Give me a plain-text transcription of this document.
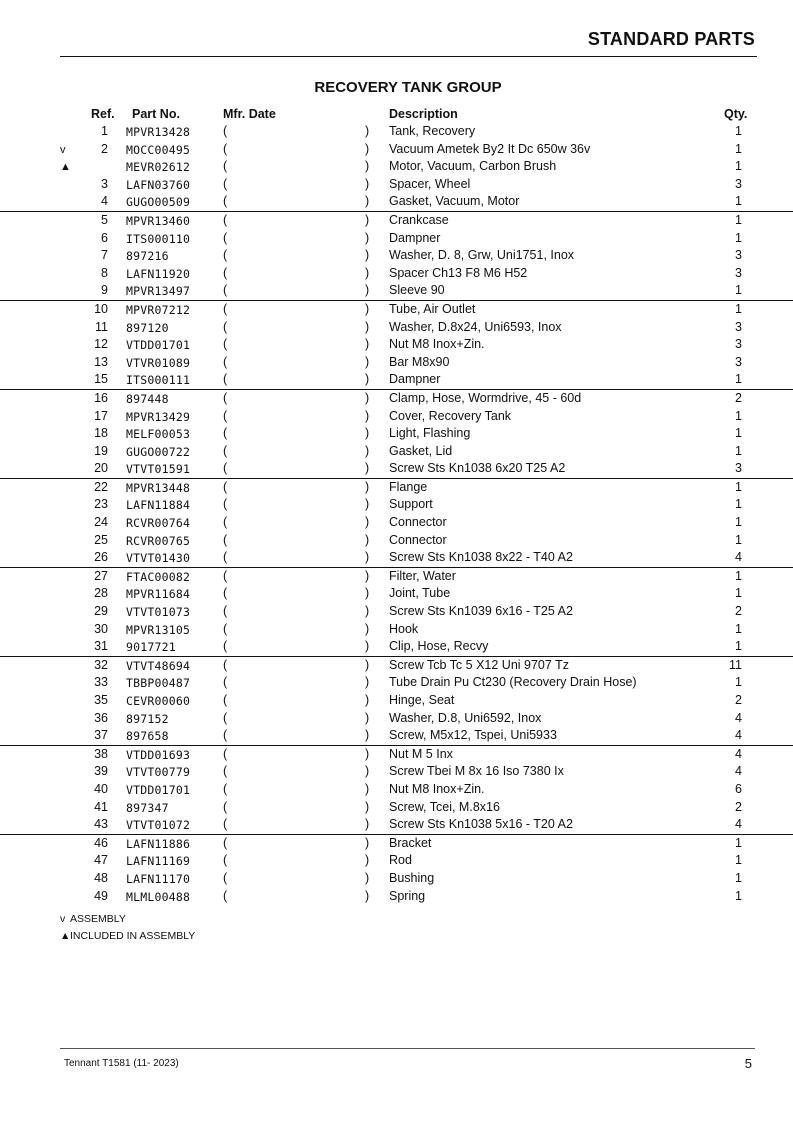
STANDARD PARTS
RECOVERY TANK GROUP
Ref. Part No.	Mfr. Date	Description	Qty.
1 MPVR13428	(	) Tank, Recovery	1
v	2 MOCC00495	(	) Vacuum Ametek By2 It Dc 650w 36v	1
▲	MEVR02612	(	) Motor, Vacuum, Carbon Brush	1
3 LAFN03760	(	) Spacer, Wheel	3
4 GUGO00509	(	) Gasket, Vacuum, Motor	1
5 MPVR13460	(	) Crankcase	1
6 ITS000110	(	) Dampner	1
7 897216	(	) Washer, D. 8, Grw, Uni1751, Inox	3
8 LAFN11920	(	) Spacer Ch13 F8 M6 H52	3
9 MPVR13497	(	) Sleeve 90	1
10 MPVR07212	(	) Tube, Air Outlet	1
11 897120	(	) Washer, D.8x24, Uni6593, Inox	3
12 VTDD01701	(	) Nut M8 Inox+Zin.	3
13 VTVR01089	(	) Bar M8x90	3
15 ITS000111	(	) Dampner	1
16 897448	(	) Clamp, Hose, Wormdrive, 45 - 60d	2
17 MPVR13429	(	) Cover, Recovery Tank	1
18 MELF00053	(	) Light, Flashing	1
19 GUGO00722	(	) Gasket, Lid	1
20 VTVT01591	(	) Screw Sts Kn1038 6x20 T25 A2	3
22 MPVR13448	(	) Flange	1
23 LAFN11884	(	) Support	1
24 RCVR00764	(	) Connector	1
25 RCVR00765	(	) Connector	1
26 VTVT01430	(	) Screw Sts Kn1038 8x22 - T40 A2	4
27 FTAC00082	(	) Filter, Water	1
28 MPVR11684	(	) Joint, Tube	1
29 VTVT01073	(	) Screw Sts Kn1039 6x16 - T25 A2	2
30 MPVR13105	(	) Hook	1
31 9017721	(	) Clip, Hose, Recvy	1
32 VTVT48694	(	) Screw Tcb Tc 5 X12 Uni 9707 Tz	11
33 TBBP00487	(	) Tube Drain Pu Ct230 (Recovery Drain Hose)	1
35 CEVR00060	(	) Hinge, Seat	2
36 897152	(	) Washer, D.8, Uni6592, Inox	4
37 897658	(	) Screw, M5x12, Tspei, Uni5933	4
38 VTDD01693	(	) Nut M 5 Inx	4
39 VTVT00779	(	) Screw Tbei M 8x 16 Iso 7380 Ix	4
40 VTDD01701	(	) Nut M8 Inox+Zin.	6
41 897347	(	) Screw, Tcei, M.8x16	2
43 VTVT01072	(	) Screw Sts Kn1038 5x16 - T20 A2	4
46 LAFN11886	(	) Bracket	1
47 LAFN11169	(	) Rod	1
48 LAFN11170	(	) Bushing	1
49 MLML00488	(	) Spring	1
v ASSEMBLY
▲INCLUDED IN ASSEMBLY
Tennant T1581 (11- 2023)	5
